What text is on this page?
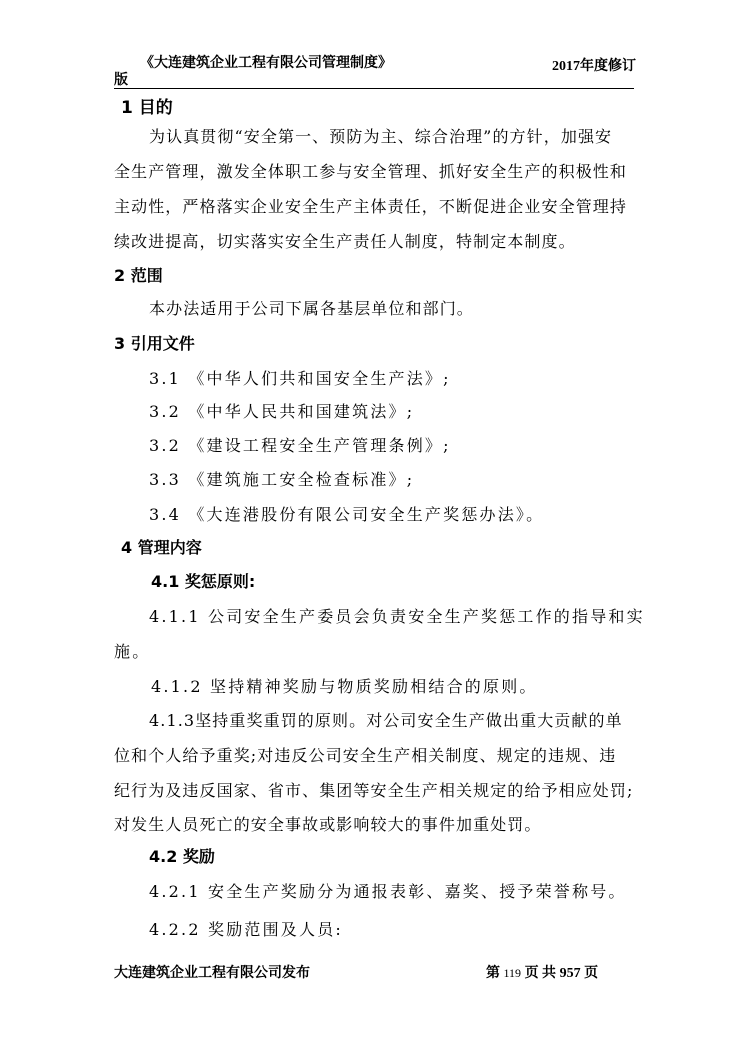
《大连建筑企业工程有限公司管理制度》	2017年度修订
版
1 目的
为认真贯彻“安全第一、预防为主、综合治理”的方针，加强安
全生产管理，激发全体职工参与安全管理、抓好安全生产的积极性和
主动性，严格落实企业安全生产主体责任，不断促进企业安全管理持
续改进提高，切实落实安全生产责任人制度，特制定本制度。
2 范围
本办法适用于公司下属各基层单位和部门。
3 引用文件
3.1 《中华人们共和国安全生产法》;
3.2 《中华人民共和国建筑法》;
3.2 《建设工程安全生产管理条例》;
3.3 《建筑施工安全检查标准》;
3.4 《大连港股份有限公司安全生产奖惩办法》。
4 管理内容
4.1 奖惩原则:
4.1.1 公司安全生产委员会负责安全生产奖惩工作的指导和实
施。
4.1.2 坚持精神奖励与物质奖励相结合的原则。
4.1.3坚持重奖重罚的原则。对公司安全生产做出重大贡献的单
位和个人给予重奖;对违反公司安全生产相关制度、规定的违规、违
纪行为及违反国家、省市、集团等安全生产相关规定的给予相应处罚;
对发生人员死亡的安全事故或影响较大的事件加重处罚。
4.2 奖励
4.2.1 安全生产奖励分为通报表彰、嘉奖、授予荣誉称号。
4.2.2 奖励范围及人员:
大连建筑企业工程有限公司发布	第 119 页 共 957 页
